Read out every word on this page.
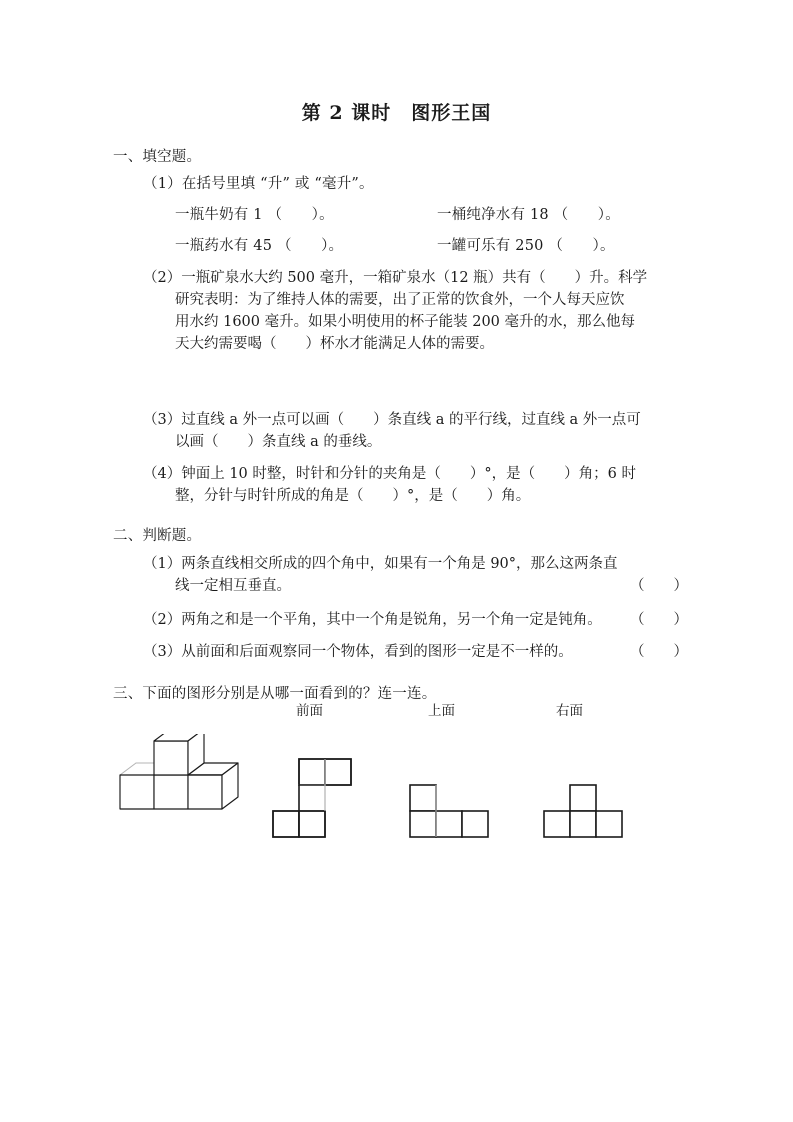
第 2 课时　图形王国
一、填空题。
（1）在括号里填 “升” 或 “毫升”。
一瓶牛奶有 1 （　　）。	一桶纯净水有 18 （　　）。
一瓶药水有 45 （　　）。	一罐可乐有 250 （　　）。
（2）一瓶矿泉水大约 500 毫升，一箱矿泉水（12 瓶）共有（　　）升。科学
研究表明：为了维持人体的需要，出了正常的饮食外，一个人每天应饮
用水约 1600 毫升。如果小明使用的杯子能装 200 毫升的水，那么他每
天大约需要喝（　　）杯水才能满足人体的需要。
（3）过直线 a 外一点可以画（　　）条直线 a 的平行线，过直线 a 外一点可
以画（　　）条直线 a 的垂线。
（4）钟面上 10 时整，时针和分针的夹角是（　　）°，是（　　）角；6 时
整，分针与时针所成的角是（　　）°，是（　　）角。
二、判断题。
（1）两条直线相交所成的四个角中，如果有一个角是 90°，那么这两条直
线一定相互垂直。	（　　）
（2）两角之和是一个平角，其中一个角是锐角，另一个角一定是钝角。 （　　）
（3）从前面和后面观察同一个物体，看到的图形一定是不一样的。	（　　）
三、下面的图形分别是从哪一面看到的？连一连。
前面	上面	右面
